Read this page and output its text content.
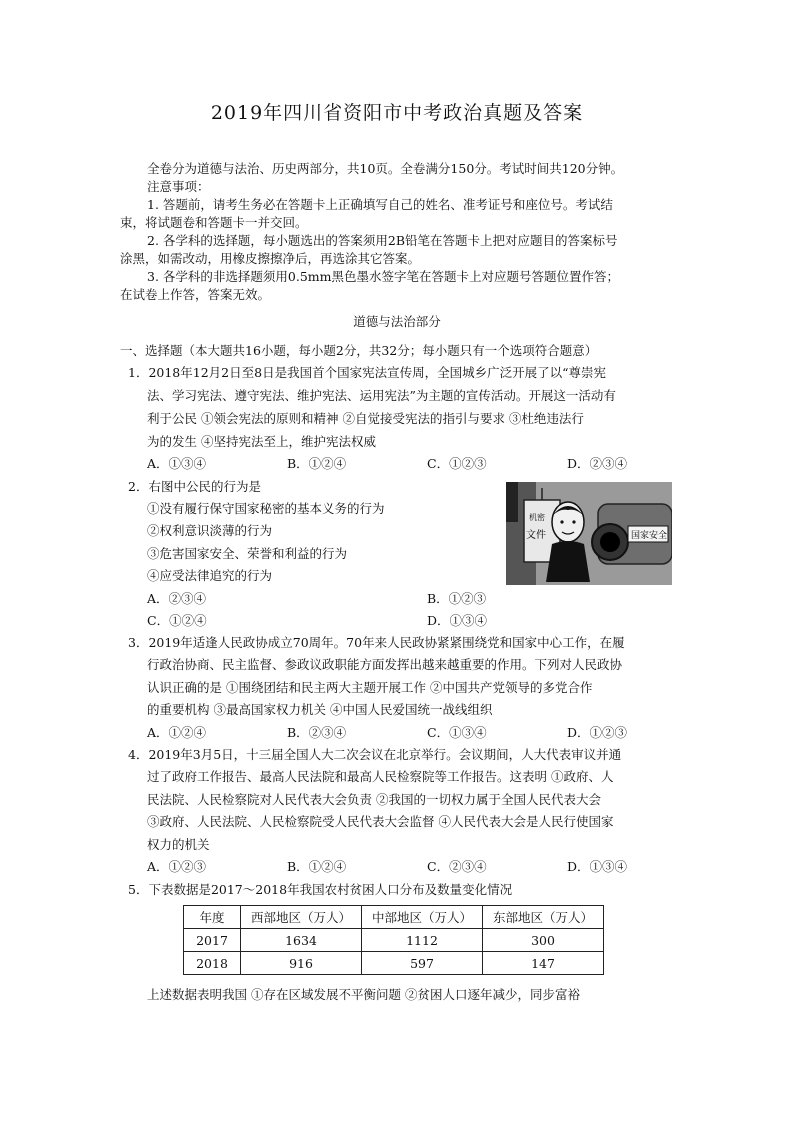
2019年四川省资阳市中考政治真题及答案
全卷分为道德与法治、历史两部分，共10页。全卷满分150分。考试时间共120分钟。
注意事项：
1. 答题前，请考生务必在答题卡上正确填写自己的姓名、准考证号和座位号。考试结
束，将试题卷和答题卡一并交回。
2. 各学科的选择题，每小题选出的答案须用2B铅笔在答题卡上把对应题目的答案标号
涂黑，如需改动，用橡皮擦擦净后，再选涂其它答案。
3. 各学科的非选择题须用0.5mm黑色墨水签字笔在答题卡上对应题号答题位置作答；
在试卷上作答，答案无效。
道德与法治部分
一、选择题（本大题共16小题，每小题2分，共32分；每小题只有一个选项符合题意）
1．2018年12月2日至8日是我国首个国家宪法宣传周，全国城乡广泛开展了以“尊崇宪
法、学习宪法、遵守宪法、维护宪法、运用宪法”为主题的宣传活动。开展这一活动有
利于公民 ①领会宪法的原则和精神 ②自觉接受宪法的指引与要求 ③杜绝违法行
为的发生 ④坚持宪法至上，维护宪法权威
A．①③④	B．①②④	C．①②③	D．②③④
2．右图中公民的行为是
①没有履行保守国家秘密的基本义务的行为
②权利意识淡薄的行为
③危害国家安全、荣誉和利益的行为
④应受法律追究的行为
A．②③④	B．①②③
C．①②④	D．①③④
机密
文件	国家安全
3．2019年适逢人民政协成立70周年。70年来人民政协紧紧围绕党和国家中心工作，在履
行政治协商、民主监督、参政议政职能方面发挥出越来越重要的作用。下列对人民政协
认识正确的是 ①围绕团结和民主两大主题开展工作 ②中国共产党领导的多党合作
的重要机构 ③最高国家权力机关 ④中国人民爱国统一战线组织
A．①②④	B．②③④	C．①③④	D．①②③
4．2019年3月5日，十三届全国人大二次会议在北京举行。会议期间，人大代表审议并通
过了政府工作报告、最高人民法院和最高人民检察院等工作报告。这表明 ①政府、人
民法院、人民检察院对人民代表大会负责 ②我国的一切权力属于全国人民代表大会
③政府、人民法院、人民检察院受人民代表大会监督 ④人民代表大会是人民行使国家
权力的机关
A．①②③	B．①②④	C．②③④	D．①③④
5．下表数据是2017～2018年我国农村贫困人口分布及数量变化情况
年度	西部地区（万人）	中部地区（万人）	东部地区（万人）
2017	1634	1112	300
2018	916	597	147
上述数据表明我国 ①存在区域发展不平衡问题 ②贫困人口逐年减少，同步富裕
